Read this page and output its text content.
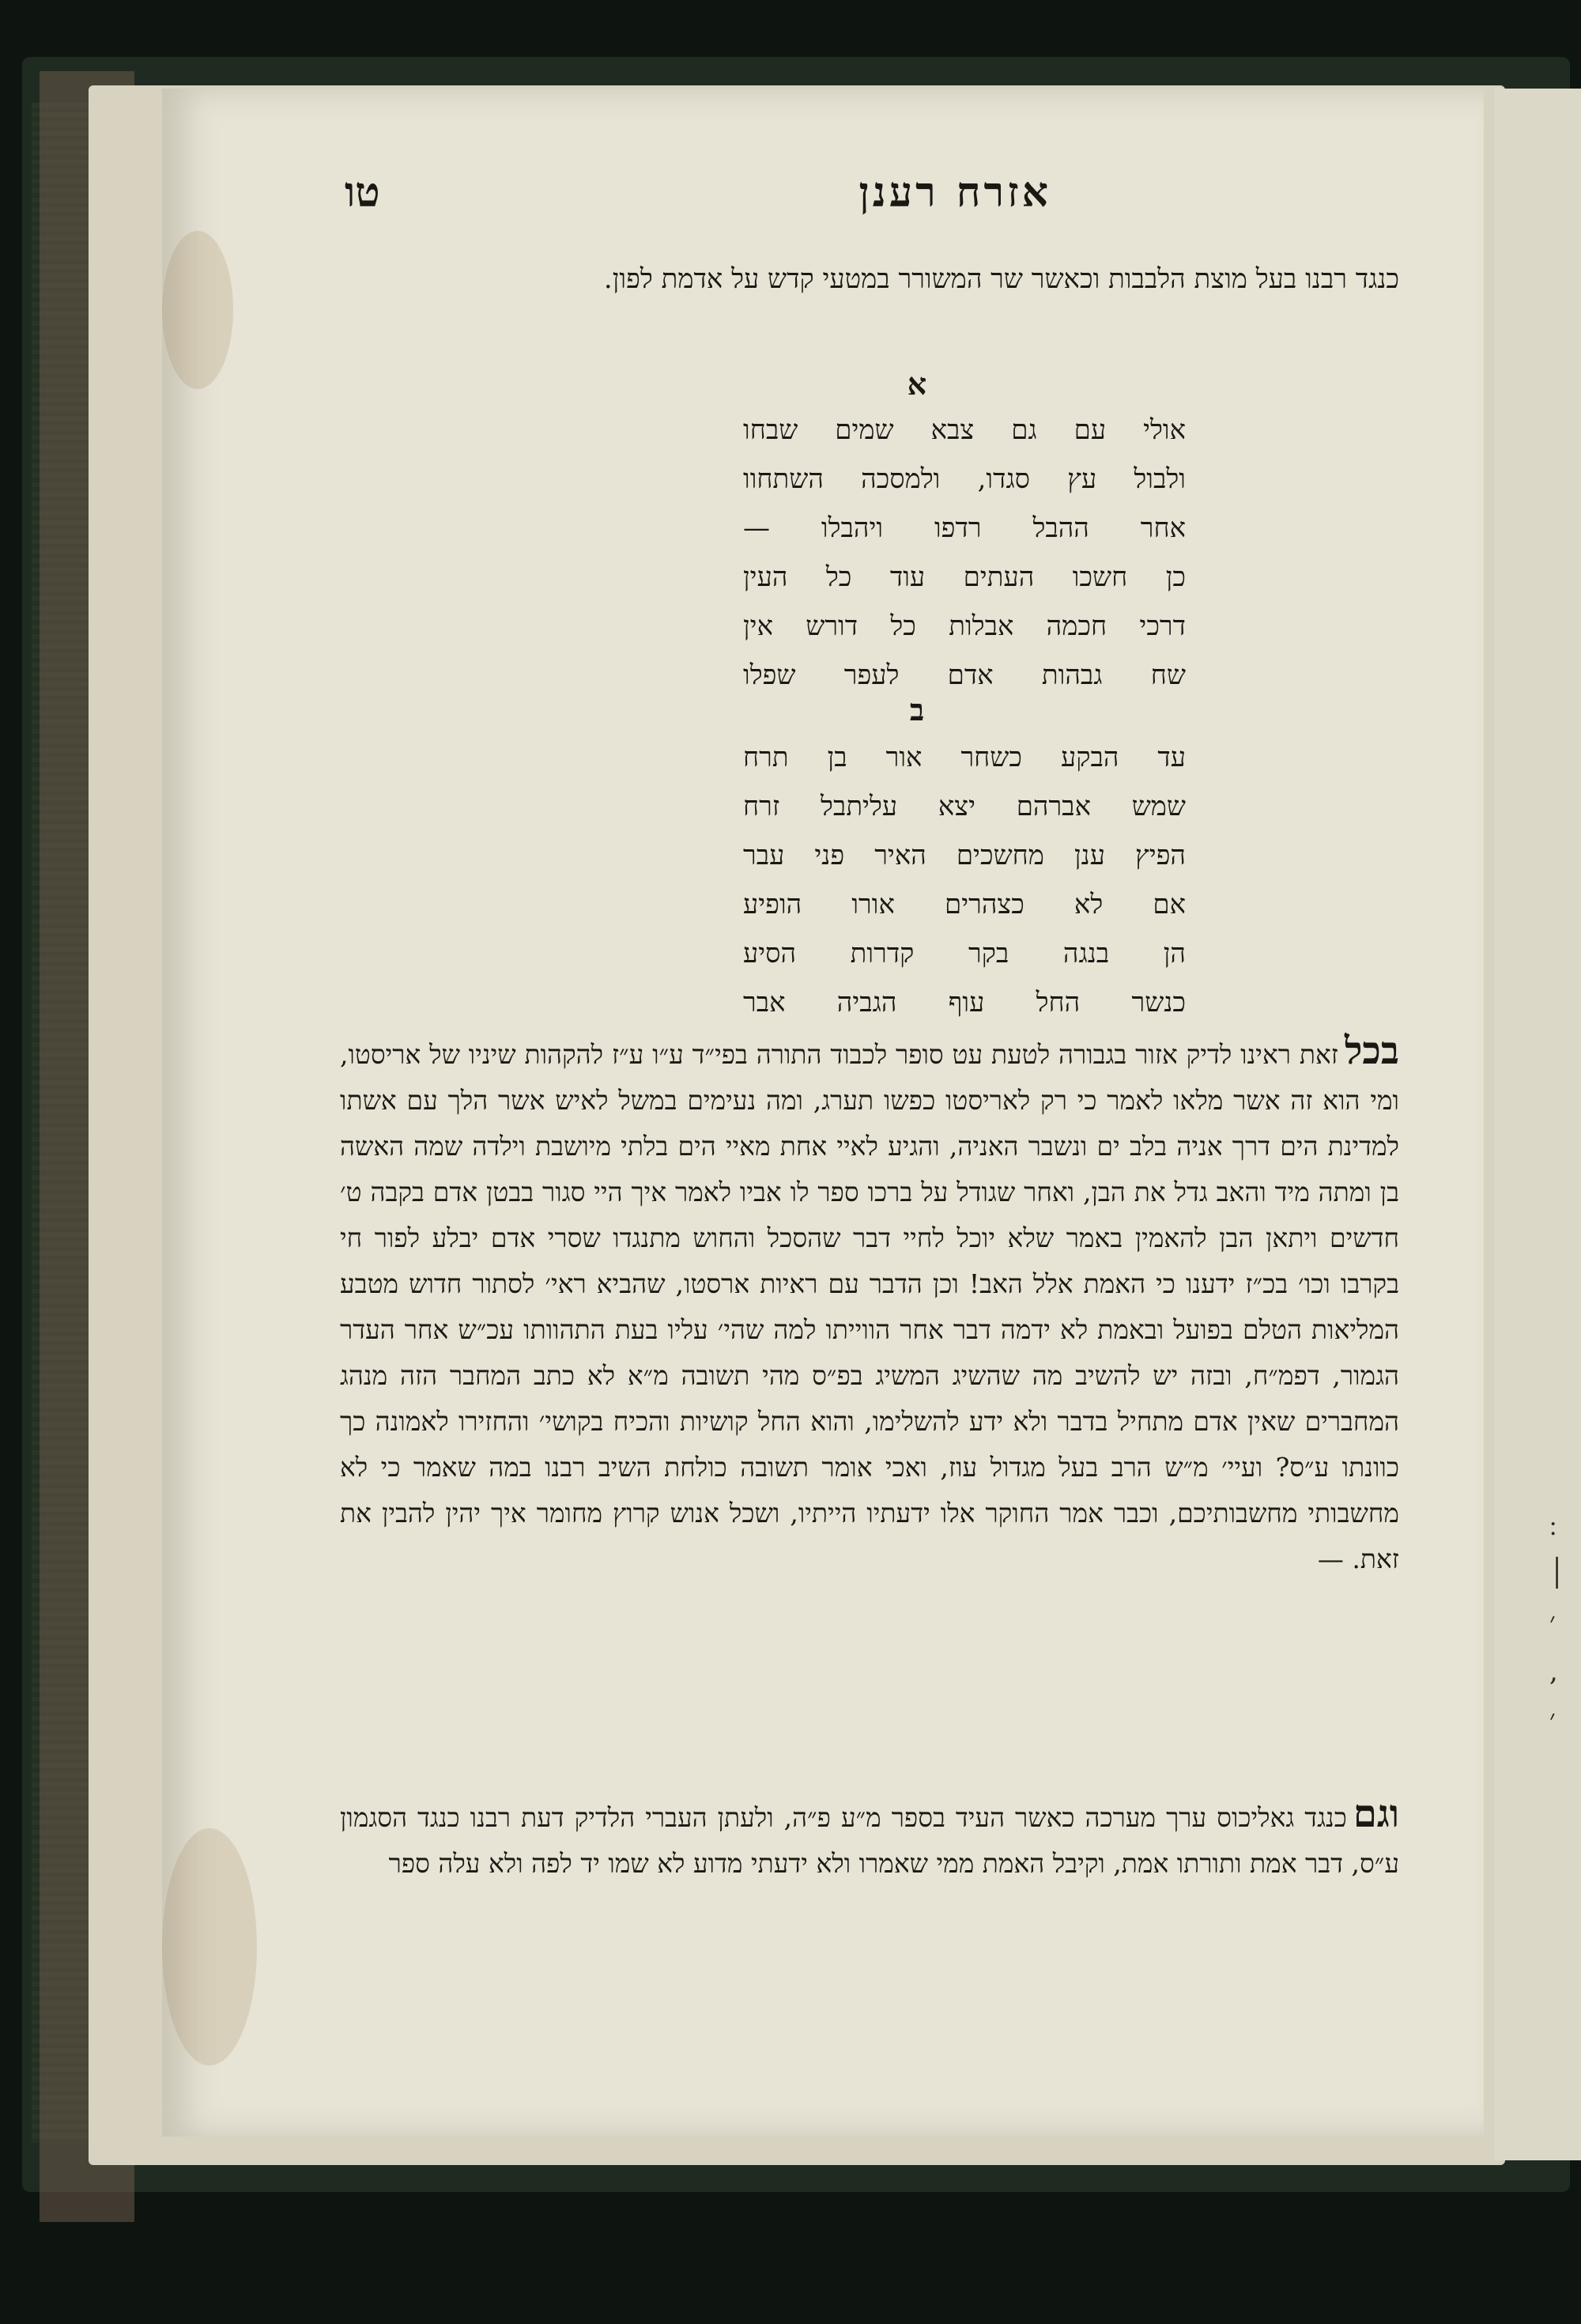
׀
׳
,
׳
אזרח רענן
טו
כנגד רבנו בעל מוצת הלבבות וכאשר שר המשורר במטעי קדש על אדמת לפון.
א
אולי עם גם צבא שמים שבחו
ולבול עץ סגדו, ולמסכה השתחוו
אחר ההבל רדפו ויהבלו —
כן חשכו העתים עוד כל העין
דרכי חכמה אבלות כל דורש אין
שח גבהות אדם לעפר שפלו
ב
עד הבקע כשחר אור בן תרח
שמש אברהם יצא עליתבל זרח
הפיץ ענן מחשכים האיר פני עבר
אם לא כצהרים אורו הופיע
הן בנגה בקר קדרות הסיע
כנשר החל עוף הגביה אבר
בכלזאת ראינו לדיק אזור בגבורה לטעת עט סופר לכבוד התורה בפי״ד ע״ו ע״ז להקהות שיניו של אריסטו, ומי הוא זה אשר מלאו לאמר כי רק לאריסטו כפשו תערג, ומה נעימים במשל לאיש אשר הלך עם אשתו למדינת הים דרך אניה בלב ים ונשבר האניה, והגיע לאיי אחת מאיי הים בלתי מיושבת וילדה שמה האשה בן ומתה מיד והאב גדל את הבן, ואחר שגודל על ברכו ספר לו אביו לאמר איך היי סגור בבטן אדם בקבה ט׳ חדשים ויתאן הבן להאמין באמר שלא יוכל לחיי דבר שהסכל והחוש מתנגדו שסרי אדם יבלע לפור חי בקרבו וכו׳ בכ״ז ידענו כי האמת אלל האב! וכן הדבר עם ראיות ארסטו, שהביא ראי׳ לסתור חדוש מטבע המליאות הטלם בפועל ובאמת לא ידמה דבר אחר הווייתו למה שהי׳ עליו בעת התהוותו עכ״ש אחר העדר הגמור, דפמ״ח, ובזה יש להשיב מה שהשיג המשיג בפ״ס מהי תשובה מ״א לא כתב המחבר הזה מנהג המחברים שאין אדם מתחיל בדבר ולא ידע להשלימו, והוא החל קושיות והכיח בקושי׳ והחזירו לאמונה כך כוונתו ע״ס? ועיי׳ מ״ש הרב בעל מגדול עוז, ואכי אומר תשובה כולחת השיב רבנו במה שאמר כי לא מחשבותי מחשבותיכם, וכבר אמר החוקר אלו ידעתיו הייתיו, ושכל אנוש קרוץ מחומר איך יהין להבין את זאת. —
וגםכנגד גאליכוס ערך מערכה כאשר העיד בספר מ״ע פ״ה, ולעתן העברי הלדיק דעת רבנו כנגד הסגמון ע״ס, דבר אמת ותורתו אמת, וקיבל האמת ממי שאמרו ולא ידעתי מדוע לא שמו יד לפה ולא עלה ספר
